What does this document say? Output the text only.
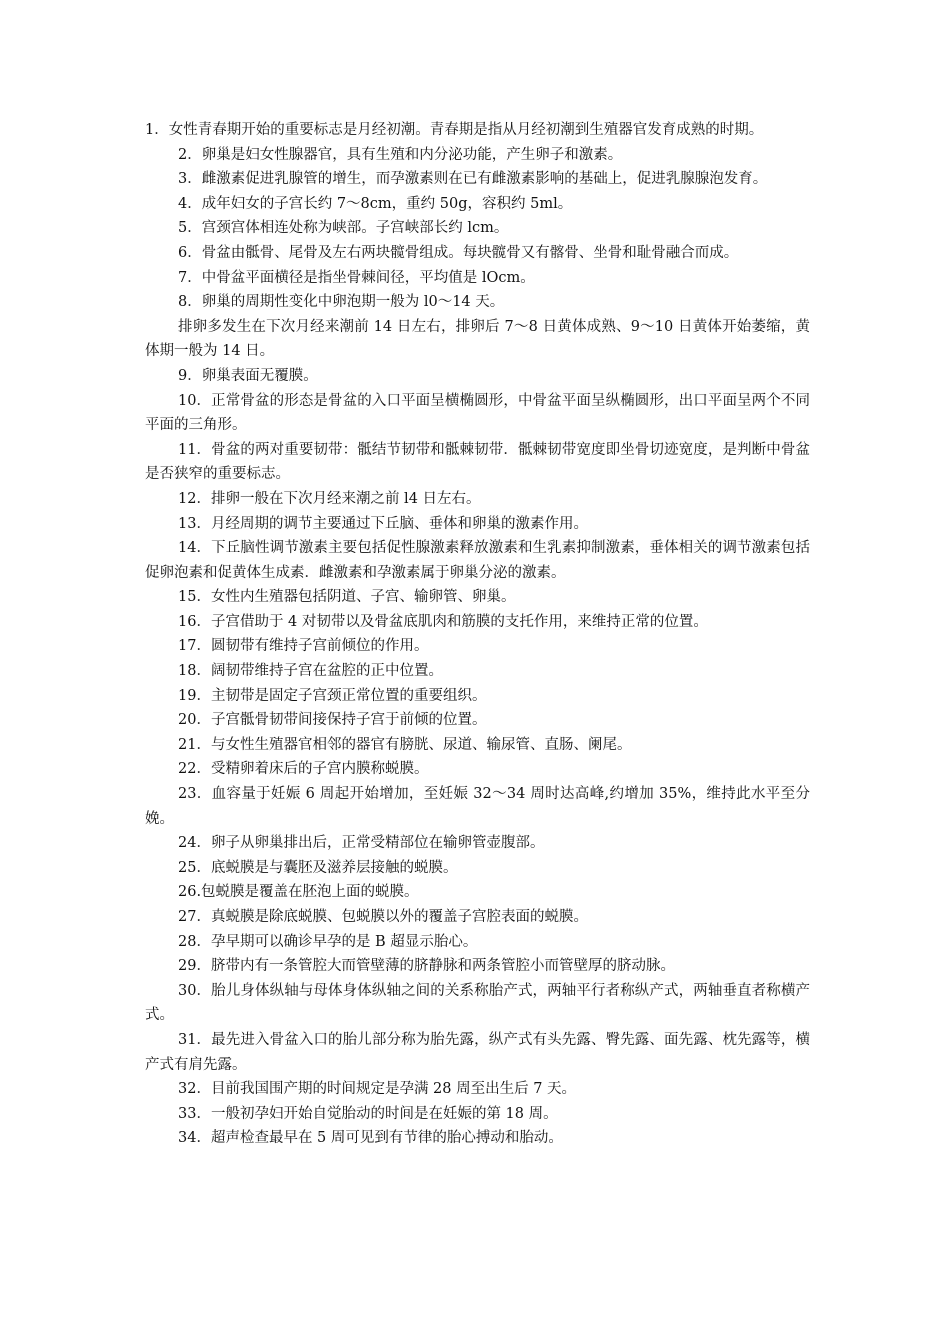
1．女性青春期开始的重要标志是月经初潮。青春期是指从月经初潮到生殖器官发育成熟的时期。

2．卵巢是妇女性腺器官，具有生殖和内分泌功能，产生卵子和激素。

3．雌激素促进乳腺管的增生，而孕激素则在已有雌激素影响的基础上，促进乳腺腺泡发育。

4．成年妇女的子宫长约 7～8cm，重约 50g，容积约 5ml。

5．宫颈宫体相连处称为峡部。子宫峡部长约 lcm。

6．骨盆由骶骨、尾骨及左右两块髋骨组成。每块髋骨又有髂骨、坐骨和耻骨融合而成。

7．中骨盆平面横径是指坐骨棘间径，平均值是 lOcm。

8．卵巢的周期性变化中卵泡期一般为 l0～14 天。

排卵多发生在下次月经来潮前 14 日左右，排卵后 7～8 日黄体成熟、9～10 日黄体开始萎缩，黄体期一般为 14 日。

9．卵巢表面无覆膜。

10．正常骨盆的形态是骨盆的入口平面呈横椭圆形，中骨盆平面呈纵椭圆形，出口平面呈两个不同平面的三角形。

11．骨盆的两对重要韧带：骶结节韧带和骶棘韧带．骶棘韧带宽度即坐骨切迹宽度，是判断中骨盆是否狭窄的重要标志。

12．排卵一般在下次月经来潮之前 l4 日左右。

13．月经周期的调节主要通过下丘脑、垂体和卵巢的激素作用。

14．下丘脑性调节激素主要包括促性腺激素释放激素和生乳素抑制激素，垂体相关的调节激素包括促卵泡素和促黄体生成素．雌激素和孕激素属于卵巢分泌的激素。

15．女性内生殖器包括阴道、子宫、输卵管、卵巢。

16．子宫借助于 4 对韧带以及骨盆底肌肉和筋膜的支托作用，来维持正常的位置。

17．圆韧带有维持子宫前倾位的作用。

18．阔韧带维持子宫在盆腔的正中位置。

19．主韧带是固定子宫颈正常位置的重要组织。

20．子宫骶骨韧带间接保持子宫于前倾的位置。

21．与女性生殖器官相邻的器官有膀胱、尿道、输尿管、直肠、阑尾。

22．受精卵着床后的子宫内膜称蜕膜。

23．血容量于妊娠 6 周起开始增加，至妊娠 32～34 周时达高峰,约增加 35%，维持此水平至分娩。

24．卵子从卵巢排出后，正常受精部位在输卵管壶腹部。

25．底蜕膜是与囊胚及滋养层接触的蜕膜。

26.包蜕膜是覆盖在胚泡上面的蜕膜。

27．真蜕膜是除底蜕膜、包蜕膜以外的覆盖子宫腔表面的蜕膜。

28．孕早期可以确诊早孕的是 B 超显示胎心。

29．脐带内有一条管腔大而管壁薄的脐静脉和两条管腔小而管壁厚的脐动脉。

30．胎儿身体纵轴与母体身体纵轴之间的关系称胎产式，两轴平行者称纵产式，两轴垂直者称横产式。

31．最先进入骨盆入口的胎儿部分称为胎先露，纵产式有头先露、臀先露、面先露、枕先露等，横产式有肩先露。

32．目前我国围产期的时间规定是孕满 28 周至出生后 7 天。

33．一般初孕妇开始自觉胎动的时间是在妊娠的第 18 周。

34．超声检查最早在 5 周可见到有节律的胎心搏动和胎动。
